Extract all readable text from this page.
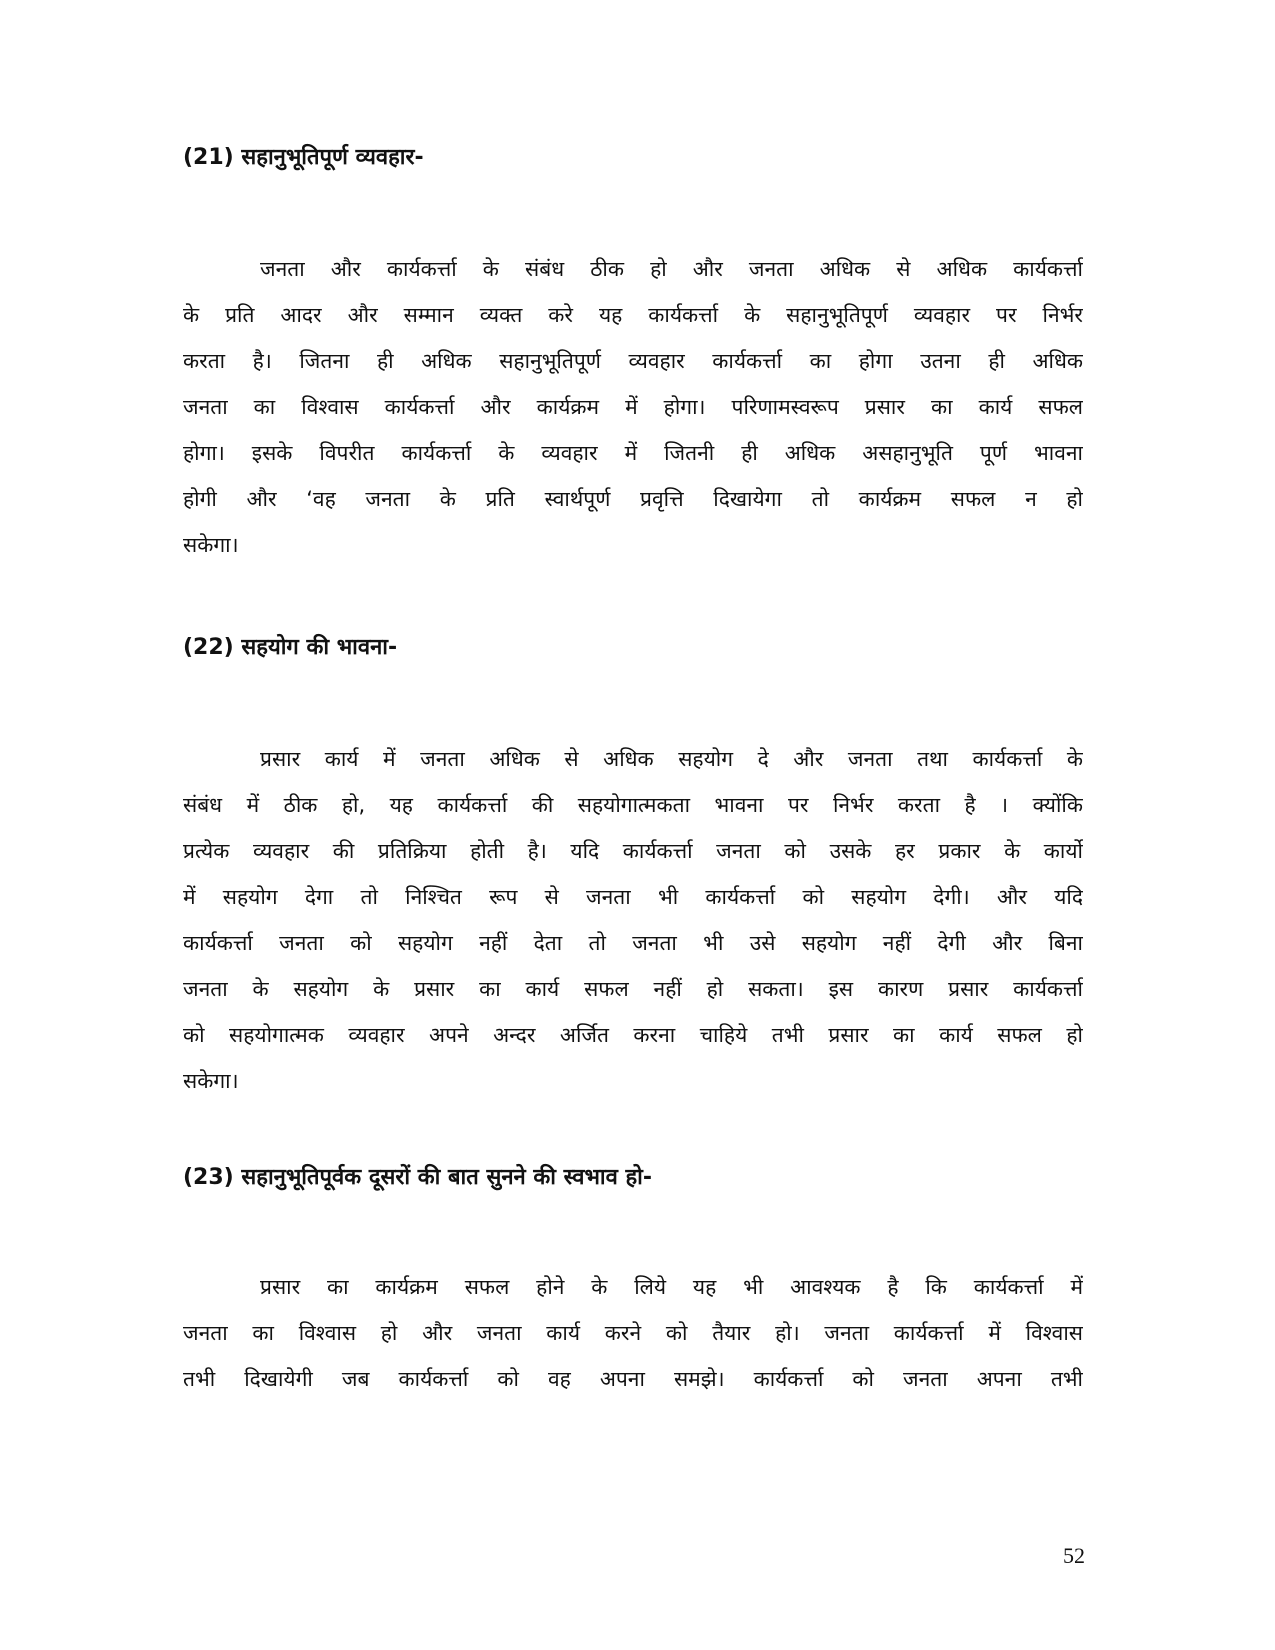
(21) सहानुभूतिपूर्ण व्यवहार-
जनता और कार्यकर्त्ता के संबंध ठीक हो और जनता अधिक से अधिक कार्यकर्त्ता
के प्रति आदर और सम्मान व्यक्त करे यह कार्यकर्त्ता के सहानुभूतिपूर्ण व्यवहार पर निर्भर
करता है। जितना ही अधिक सहानुभूतिपूर्ण व्यवहार कार्यकर्त्ता का होगा उतना ही अधिक
जनता का विश्वास कार्यकर्त्ता और कार्यक्रम में होगा। परिणामस्वरूप प्रसार का कार्य सफल
होगा। इसके विपरीत कार्यकर्त्ता के व्यवहार में जितनी ही अधिक असहानुभूति पूर्ण भावना
होगी और ‘वह जनता के प्रति स्वार्थपूर्ण प्रवृत्ति दिखायेगा तो कार्यक्रम सफल न हो
सकेगा।
(22) सहयोग की भावना-
प्रसार कार्य में जनता अधिक से अधिक सहयोग दे और जनता तथा कार्यकर्त्ता के
संबंध में ठीक हो, यह कार्यकर्त्ता की सहयोगात्मकता भावना पर निर्भर करता है । क्योंकि
प्रत्येक व्यवहार की प्रतिक्रिया होती है। यदि कार्यकर्त्ता जनता को उसके हर प्रकार के कार्यो
में सहयोग देगा तो निश्चित रूप से जनता भी कार्यकर्त्ता को सहयोग देगी। और यदि
कार्यकर्त्ता जनता को सहयोग नहीं देता तो जनता भी उसे सहयोग नहीं देगी और बिना
जनता के सहयोग के प्रसार का कार्य सफल नहीं हो सकता। इस कारण प्रसार कार्यकर्त्ता
को सहयोगात्मक व्यवहार अपने अन्दर अर्जित करना चाहिये तभी प्रसार का कार्य सफल हो
सकेगा।
(23) सहानुभूतिपूर्वक दूसरों की बात सुनने की स्वभाव हो-
प्रसार का कार्यक्रम सफल होने के लिये यह भी आवश्यक है कि कार्यकर्त्ता में
जनता का विश्वास हो और जनता कार्य करने को तैयार हो। जनता कार्यकर्त्ता में विश्वास
तभी दिखायेगी जब कार्यकर्त्ता को वह अपना समझे। कार्यकर्त्ता को जनता अपना तभी
52
